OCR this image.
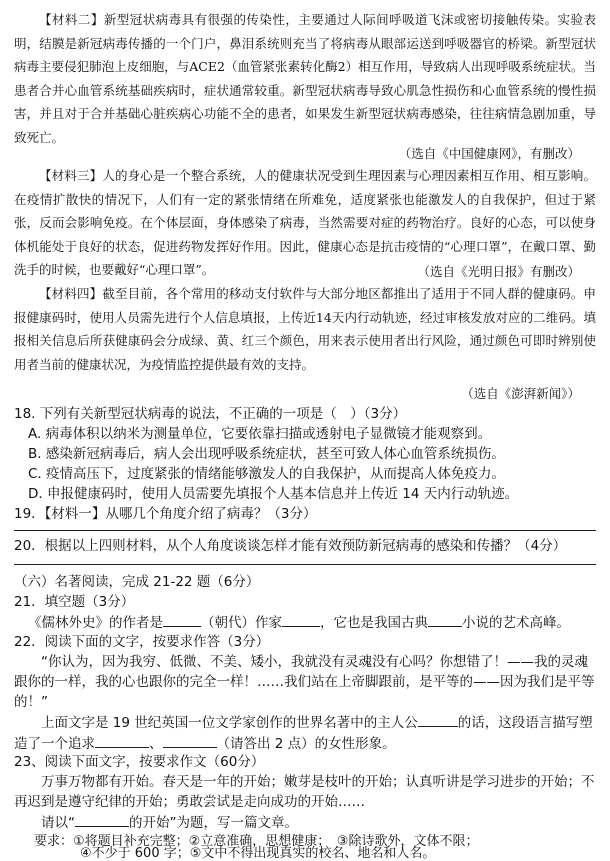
【材料二】新型冠状病毒具有很强的传染性，主要通过人际间呼吸道飞沫或密切接触传染。实验表明，结膜是新冠病毒传播的一个门户，鼻泪系统则充当了将病毒从眼部运送到呼吸器官的桥梁。新型冠状病毒主要侵犯肺泡上皮细胞，与ACE2（血管紧张素转化酶2）相互作用，导致病人出现呼吸系统症状。当患者合并心血管系统基础疾病时，症状通常较重。新型冠状病毒导致心肌急性损伤和心血管系统的慢性损害，并且对于合并基础心脏疾病心功能不全的患者，如果发生新型冠状病毒感染，往往病情急剧加重，导致死亡。

（选自《中国健康网》，有删改）

【材料三】人的身心是一个整合系统，人的健康状况受到生理因素与心理因素相互作用、相互影响。在疫情扩散快的情况下，人们有一定的紧张情绪在所难免，适度紧张也能激发人的自我保护，但过于紧张，反而会影响免疫。在个体层面，身体感染了病毒，当然需要对症的药物治疗。良好的心态，可以使身体机能处于良好的状态，促进药物发挥好作用。因此，健康心态是抗击疫情的“心理口罩”，在戴口罩、勤洗手的时候，也要戴好“心理口罩”。	（选自《光明日报》有删改）

【材料四】截至目前，各个常用的移动支付软件与大部分地区都推出了适用于不同人群的健康码。申报健康码时，使用人员需先进行个人信息填报，上传近14天内行动轨迹，经过审核发放对应的二维码。填报相关信息后所获健康码会分成绿、黄、红三个颜色，用来表示使用者出行风险，通过颜色可即时辨别使用者当前的健康状况，为疫情监控提供最有效的支持。

（选自《澎湃新闻》）

18. 下列有关新型冠状病毒的说法，不正确的一项是（　）（3分）

A. 病毒体积以纳米为测量单位，它要依靠扫描或透射电子显微镜才能观察到。

B. 感染新冠病毒后，病人会出现呼吸系统症状，甚至可致人体心血管系统损伤。

C. 疫情高压下，过度紧张的情绪能够激发人的自我保护，从而提高人体免疫力。

D. 申报健康码时，使用人员需要先填报个人基本信息并上传近 14 天内行动轨迹。

19．【材料一】从哪几个角度介绍了病毒？（3分）

20．根据以上四则材料，从个人角度谈谈怎样才能有效预防新冠病毒的感染和传播？（4分）

（六）名著阅读，完成 21-22 题（6分）

21．填空题（3分）

《儒林外史》的作者是	（朝代）作家	，它也是我国古典	小说的艺术高峰。

22．阅读下面的文字，按要求作答（3分）

“你认为，因为我穷、低微、不美、矮小，我就没有灵魂没有心吗？你想错了！——我的灵魂跟你的一样，我的心也跟你的完全一样！……我们站在上帝脚跟前，是平等的——因为我们是平等的！”

上面文字是 19 世纪英国一位文学家创作的世界名著中的主人公	的话，这段语言描写塑造了一个追求	、	（请答出 2 点）的女性形象。

23、阅读下面文字，按要求作文（60分）

万事万物都有开始。春天是一年的开始；嫩芽是枝叶的开始；认真听讲是学习进步的开始；不再迟到是遵守纪律的开始；勇敢尝试是走向成功的开始……

请以“	的开始”为题，写一篇文章。

要求：①将题目补充完整；②立意准确，思想健康；　③除诗歌外，文体不限；

④不少于 600 字；⑤文中不得出现真实的校名、地名和人名。
